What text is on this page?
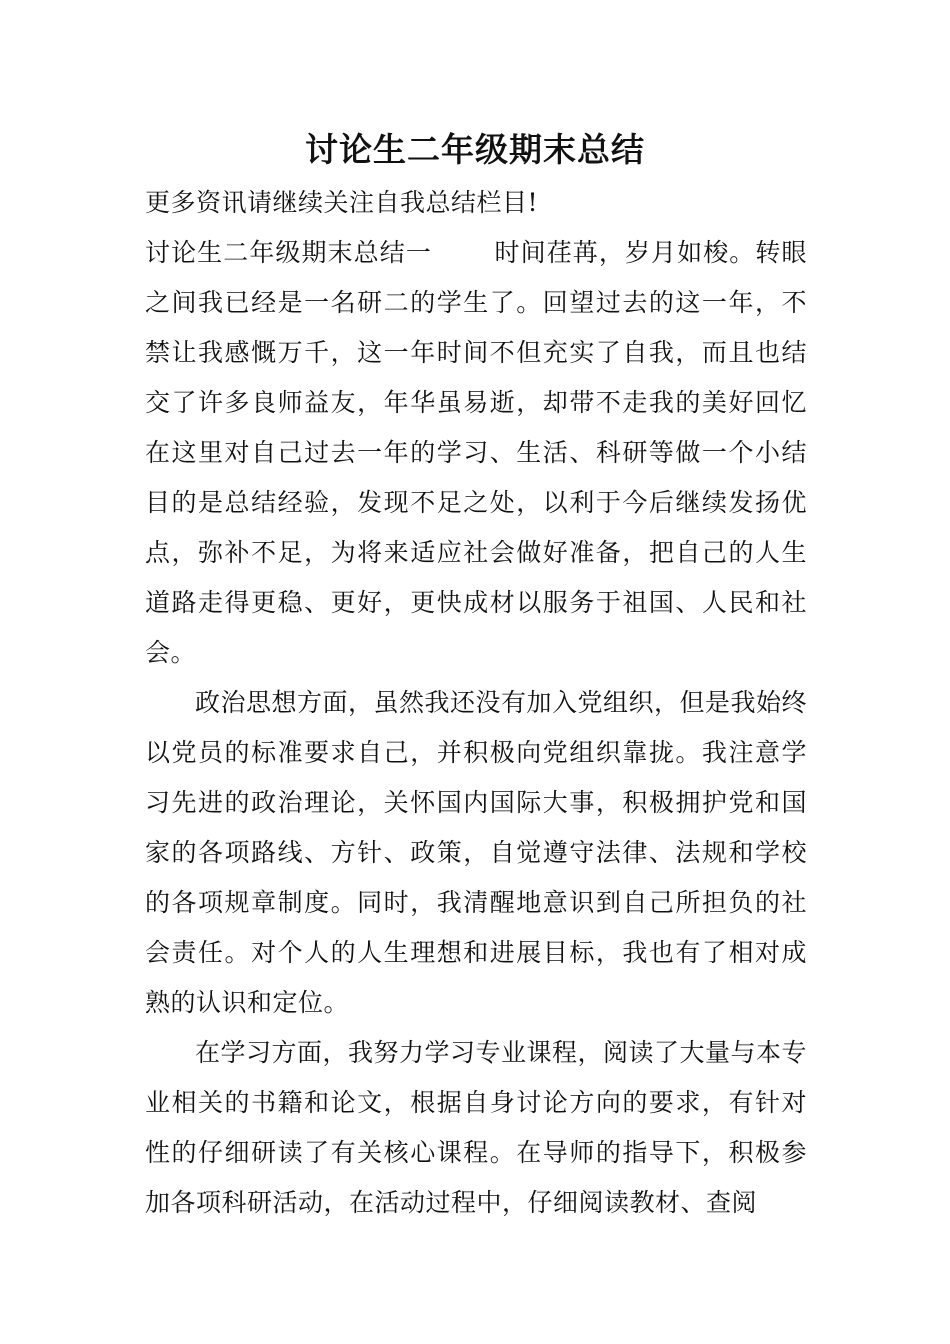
讨论生二年级期末总结

更多资讯请继续关注自我总结栏目!

讨论生二年级期末总结一 时间荏苒，岁月如梭。转眼之间我已经是一名研二的学生了。回望过去的这一年，不禁让我感慨万千，这一年时间不但充实了自我，而且也结交了许多良师益友，年华虽易逝，却带不走我的美好回忆在这里对自己过去一年的学习、生活、科研等做一个小结目的是总结经验，发现不足之处，以利于今后继续发扬优点，弥补不足，为将来适应社会做好准备，把自己的人生道路走得更稳、更好，更快成材以服务于祖国、人民和社会。

政治思想方面，虽然我还没有加入党组织，但是我始终以党员的标准要求自己，并积极向党组织靠拢。我注意学习先进的政治理论，关怀国内国际大事，积极拥护党和国家的各项路线、方针、政策，自觉遵守法律、法规和学校的各项规章制度。同时，我清醒地意识到自己所担负的社会责任。对个人的人生理想和进展目标，我也有了相对成熟的认识和定位。

在学习方面，我努力学习专业课程，阅读了大量与本专业相关的书籍和论文，根据自身讨论方向的要求，有针对性的仔细研读了有关核心课程。在导师的指导下，积极参加各项科研活动，在活动过程中，仔细阅读教材、查阅
